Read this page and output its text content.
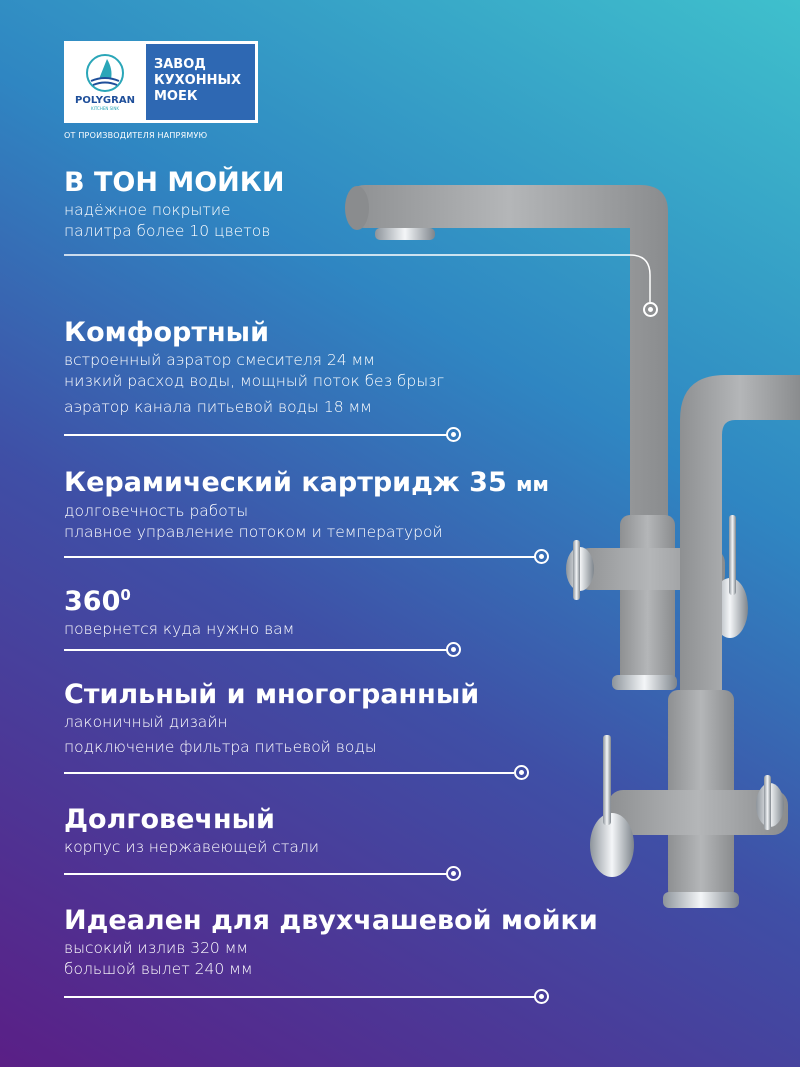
POLYGRAN
KITCHEN SINK
ЗАВОД
КУХОННЫХ
МОЕК
ОТ ПРОИЗВОДИТЕЛЯ НАПРЯМУЮ
В ТОН МОЙКИ

надёжное покрытие

палитра более 10 цветов

Комфортный

встроенный аэратор смесителя 24 мм

низкий расход воды, мощный поток без брызг

аэратор канала питьевой воды 18 мм

Керамический картридж 35 мм

долговечность работы

плавное управление потоком и температурой

$360^0$

повернется куда нужно вам

Стильный и многогранный

лаконичный дизайн

подключение фильтра питьевой воды

Долговечный

корпус из нержавеющей стали

Идеален для двухчашевой мойки

высокий излив 320 мм

большой вылет 240 мм
